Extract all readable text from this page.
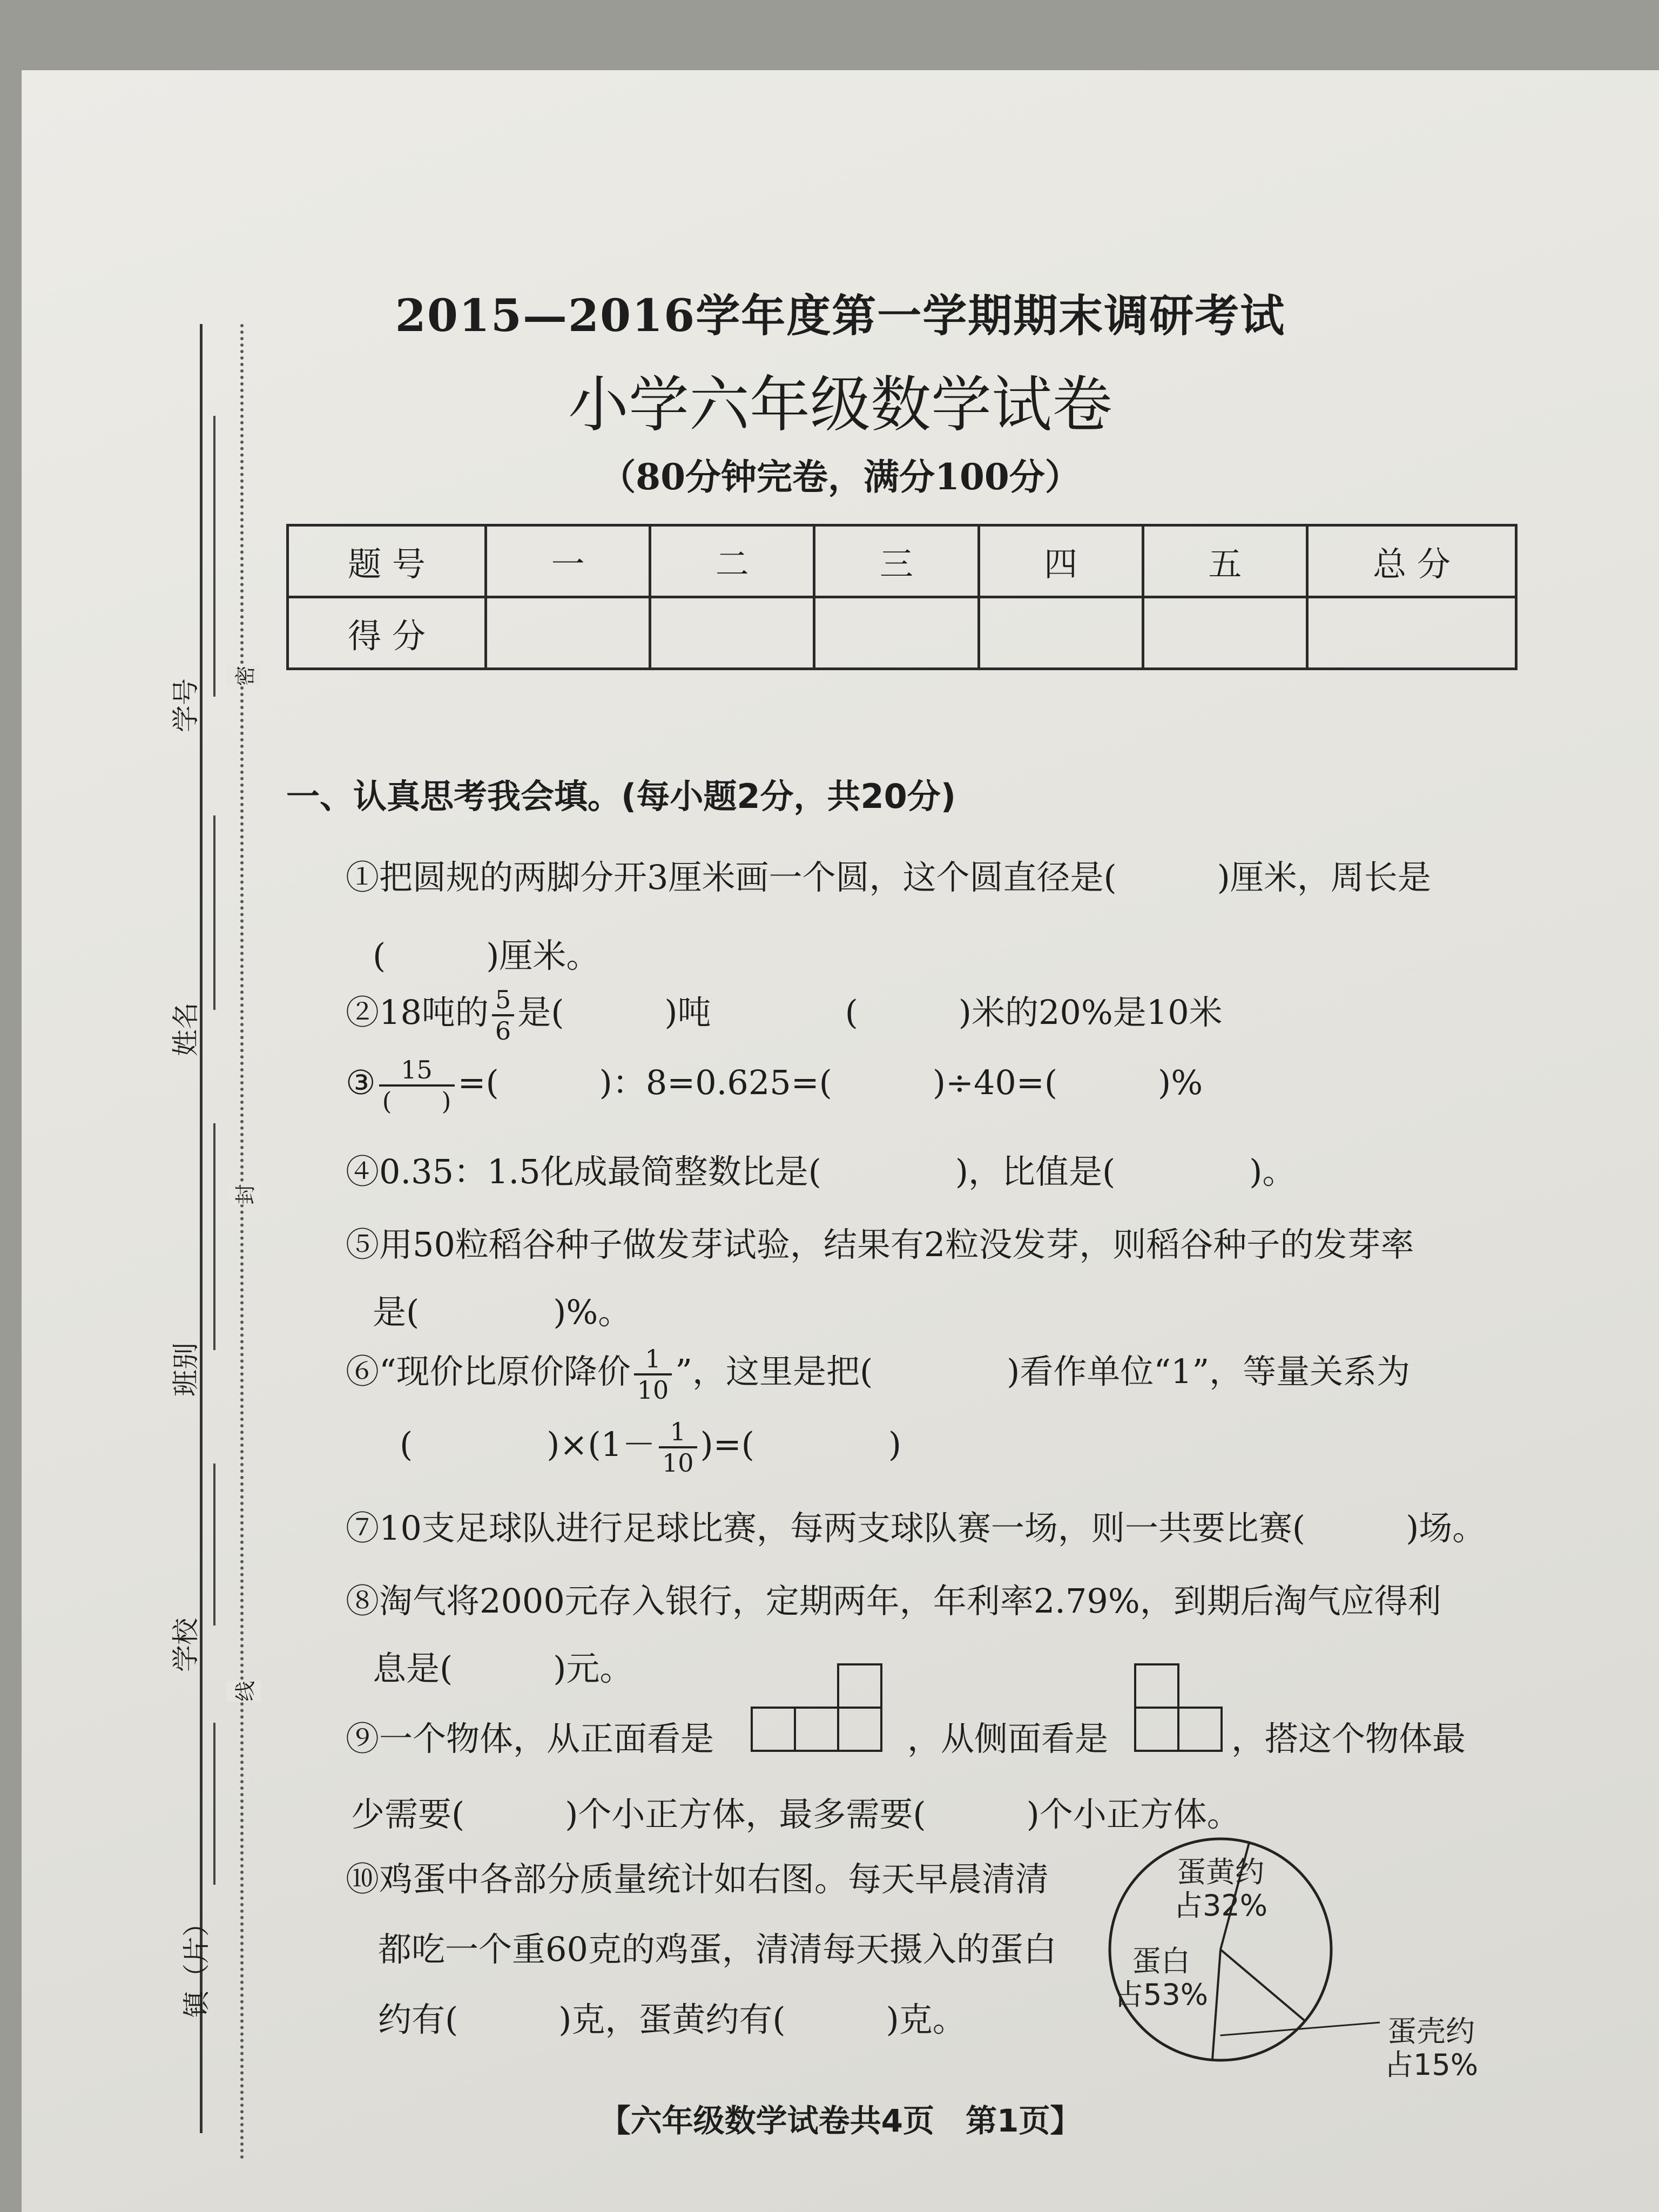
学号
姓名
班别
学校
镇（片）
密
封
线
2015—2016学年度第一学期期末调研考试
小学六年级数学试卷
（80分钟完卷，满分100分）
题 号	一	二	三	四	五	总 分
得 分						
一、认真思考我会填。(每小题2分，共20分)
①把圆规的两脚分开3厘米画一个圆，这个圆直径是(　　　)厘米，周长是
(　　　)厘米。
②18吨的 $\frac{5}{6}$ 是(　　　)吨　　　　(　　　)米的20%是10米
③ $\frac{15}{( )}$ =(　　　)：8=0.625=(　　　)÷40=(　　　)%
④0.35：1.5化成最简整数比是(　　　　)，比值是(　　　　)。
⑤用50粒稻谷种子做发芽试验，结果有2粒没发芽，则稻谷种子的发芽率
是(　　　　)%。
⑥“现价比原价降价 $\frac{1}{10}$ ”，这里是把(　　　　)看作单位“1”，等量关系为
(　　　　)$\times(1- \frac{1}{10}$ )=(　　　　)
⑦10支足球队进行足球比赛，每两支球队赛一场，则一共要比赛(　　　)场。
⑧淘气将2000元存入银行，定期两年，年利率2.79%，到期后淘气应得利
息是(　　　)元。
⑨一个物体，从正面看是	，从侧面看是	，搭这个物体最
少需要(　　　)个小正方体，最多需要(　　　)个小正方体。
⑩鸡蛋中各部分质量统计如右图。每天早晨清清
都吃一个重60克的鸡蛋，清清每天摄入的蛋白
约有(　　　)克，蛋黄约有(　　　)克。
蛋黄约
占32%
蛋壳约
占15%
蛋白
占53%
【六年级数学试卷共4页　第1页】
